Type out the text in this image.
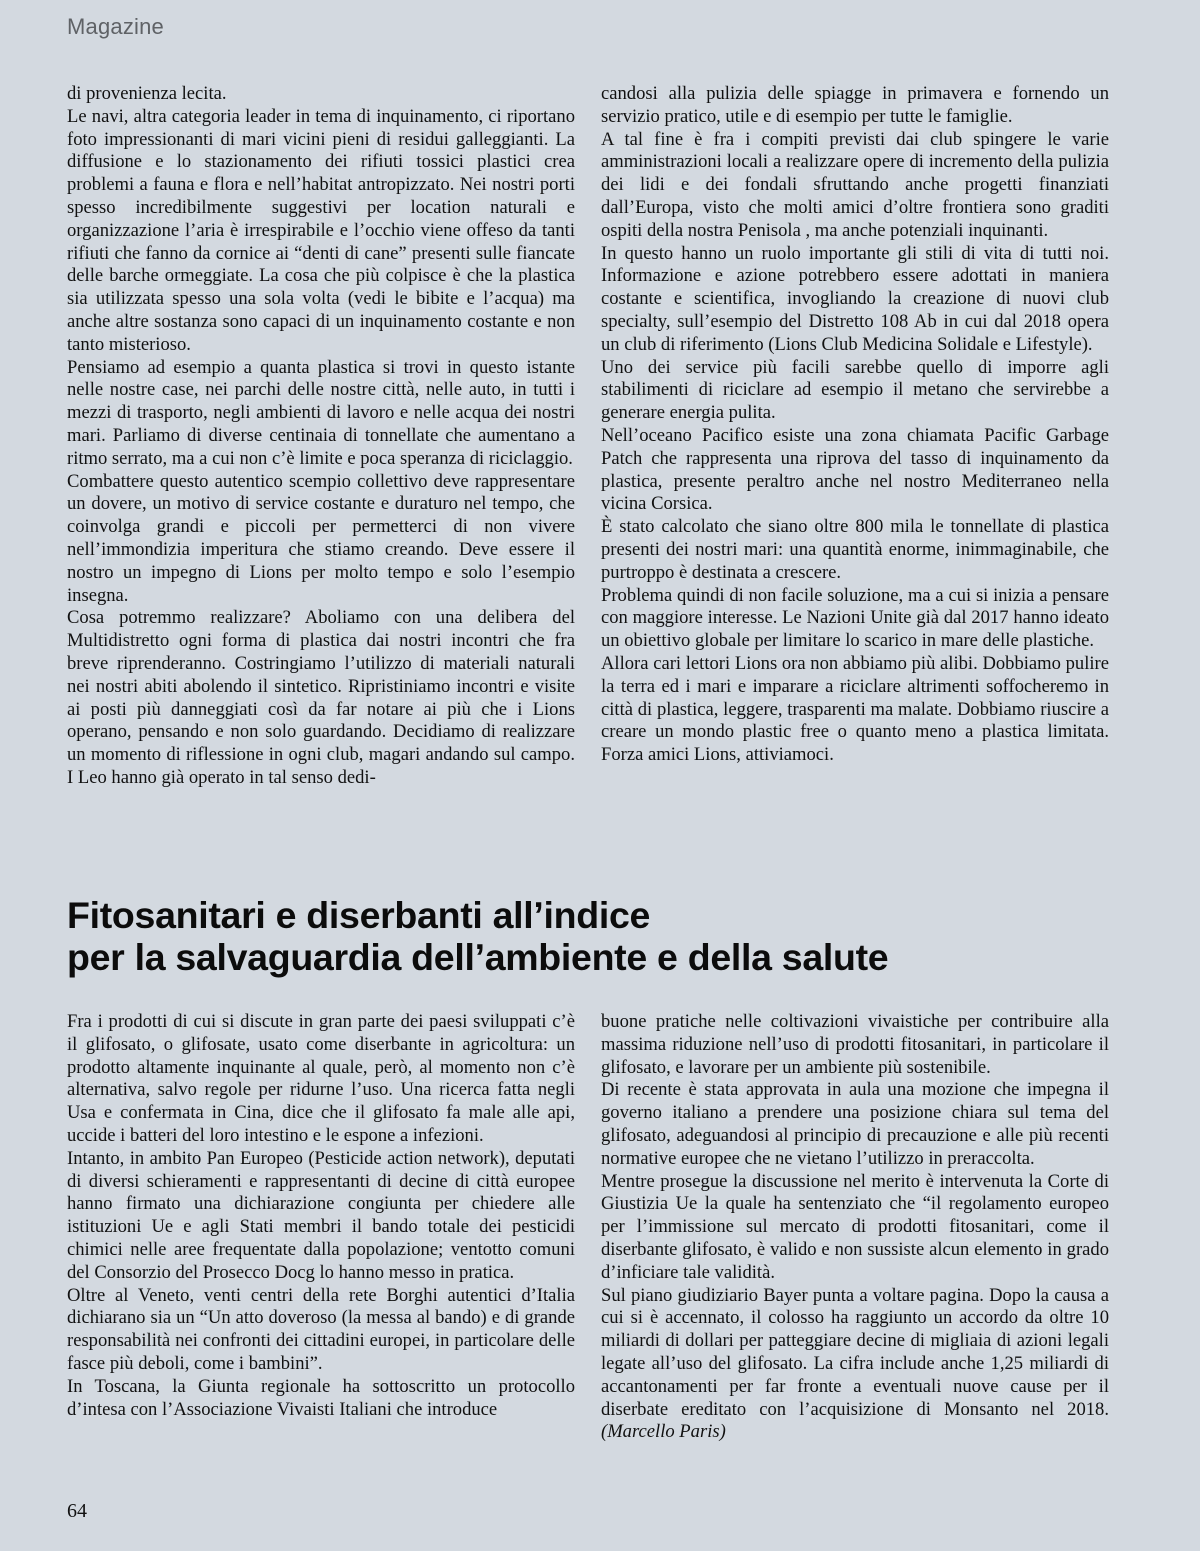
Magazine

di provenienza lecita.

Le navi, altra categoria leader in tema di inquinamento, ci riportano foto impressionanti di mari vicini pieni di residui galleggianti. La diffusione e lo stazionamento dei rifiuti tossici plastici crea problemi a fauna e flora e nell’habitat antropizzato. Nei nostri porti spesso incredibilmente suggestivi per location naturali e organizzazione l’aria è irrespirabile e l’occhio viene offeso da tanti rifiuti che fanno da cornice ai “denti di cane” presenti sulle fiancate delle barche ormeggiate. La cosa che più colpisce è che la plastica sia utilizzata spesso una sola volta (vedi le bibite e l’acqua) ma anche altre sostanza sono capaci di un inquinamento costante e non tanto misterioso.

Pensiamo ad esempio a quanta plastica si trovi in questo istante nelle nostre case, nei parchi delle nostre città, nelle auto, in tutti i mezzi di trasporto, negli ambienti di lavoro e nelle acqua dei nostri mari. Parliamo di diverse centinaia di tonnellate che aumentano a ritmo serrato, ma a cui non c’è limite e poca speranza di riciclaggio.

Combattere questo autentico scempio collettivo deve rappresentare un dovere, un motivo di service costante e duraturo nel tempo, che coinvolga grandi e piccoli per permetterci di non vivere nell’immondizia imperitura che stiamo creando. Deve essere il nostro un impegno di Lions per molto tempo e solo l’esempio insegna.

Cosa potremmo realizzare? Aboliamo con una delibera del Multidistretto ogni forma di plastica dai nostri incontri che fra breve riprenderanno. Costringiamo l’utilizzo di materiali naturali nei nostri abiti abolendo il sintetico. Ripristiniamo incontri e visite ai posti più danneggiati così da far notare ai più che i Lions operano, pensando e non solo guardando. Decidiamo di realizzare un momento di riflessione in ogni club, magari andando sul campo. I Leo hanno già operato in tal senso dedi-

candosi alla pulizia delle spiagge in primavera e fornendo un servizio pratico, utile e di esempio per tutte le famiglie.

A tal fine è fra i compiti previsti dai club spingere le varie amministrazioni locali a realizzare opere di incremento della pulizia dei lidi e dei fondali sfruttando anche progetti finanziati dall’Europa, visto che molti amici d’oltre frontiera sono graditi ospiti della nostra Penisola , ma anche potenziali inquinanti.

In questo hanno un ruolo importante gli stili di vita di tutti noi. Informazione e azione potrebbero essere adottati in maniera costante e scientifica, invogliando la creazione di nuovi club specialty, sull’esempio del Distretto 108 Ab in cui dal 2018 opera un club di riferimento (Lions Club Medicina Solidale e Lifestyle).

Uno dei service più facili sarebbe quello di imporre agli stabilimenti di riciclare ad esempio il metano che servirebbe a generare energia pulita.

Nell’oceano Pacifico esiste una zona chiamata Pacific Garbage Patch che rappresenta una riprova del tasso di inquinamento da plastica, presente peraltro anche nel nostro Mediterraneo nella vicina Corsica.

È stato calcolato che siano oltre 800 mila le tonnellate di plastica presenti dei nostri mari: una quantità enorme, inimmaginabile, che purtroppo è destinata a crescere.

Problema quindi di non facile soluzione, ma a cui si inizia a pensare con maggiore interesse. Le Nazioni Unite già dal 2017 hanno ideato un obiettivo globale per limitare lo scarico in mare delle plastiche.

Allora cari lettori Lions ora non abbiamo più alibi. Dobbiamo pulire la terra ed i mari e imparare a riciclare altrimenti soffocheremo in città di plastica, leggere, trasparenti ma malate. Dobbiamo riuscire a creare un mondo plastic free o quanto meno a plastica limitata. Forza amici Lions, attiviamoci.

Fitosanitari e diserbanti all’indice
per la salvaguardia dell’ambiente e della salute

Fra i prodotti di cui si discute in gran parte dei paesi sviluppati c’è il glifosato, o glifosate, usato come diserbante in agricoltura: un prodotto altamente inquinante al quale, però, al momento non c’è alternativa, salvo regole per ridurne l’uso. Una ricerca fatta negli Usa e confermata in Cina, dice che il glifosato fa male alle api, uccide i batteri del loro intestino e le espone a infezioni.

Intanto, in ambito Pan Europeo (Pesticide action network), deputati di diversi schieramenti e rappresentanti di decine di città europee hanno firmato una dichiarazione congiunta per chiedere alle istituzioni Ue e agli Stati membri il bando totale dei pesticidi chimici nelle aree frequentate dalla popolazione; ventotto comuni del Consorzio del Prosecco Docg lo hanno messo in pratica.

Oltre al Veneto, venti centri della rete Borghi autentici d’Italia dichiarano sia un “Un atto doveroso (la messa al bando) e di grande responsabilità nei confronti dei cittadini europei, in particolare delle fasce più deboli, come i bambini”.

In Toscana, la Giunta regionale ha sottoscritto un protocollo d’intesa con l’Associazione Vivaisti Italiani che introduce

buone pratiche nelle coltivazioni vivaistiche per contribuire alla massima riduzione nell’uso di prodotti fitosanitari, in particolare il glifosato, e lavorare per un ambiente più sostenibile.

Di recente è stata approvata in aula una mozione che impegna il governo italiano a prendere una posizione chiara sul tema del glifosato, adeguandosi al principio di precauzione e alle più recenti normative europee che ne vietano l’utilizzo in preraccolta.

Mentre prosegue la discussione nel merito è intervenuta la Corte di Giustizia Ue la quale ha sentenziato che “il regolamento europeo per l’immissione sul mercato di prodotti fitosanitari, come il diserbante glifosato, è valido e non sussiste alcun elemento in grado d’inficiare tale validità.

Sul piano giudiziario Bayer punta a voltare pagina. Dopo la causa a cui si è accennato, il colosso ha raggiunto un accordo da oltre 10 miliardi di dollari per patteggiare decine di migliaia di azioni legali legate all’uso del glifosato. La cifra include anche 1,25 miliardi di accantonamenti per far fronte a eventuali nuove cause per il diserbate ereditato con l’acquisizione di Monsanto nel 2018. (Marcello Paris)

64
